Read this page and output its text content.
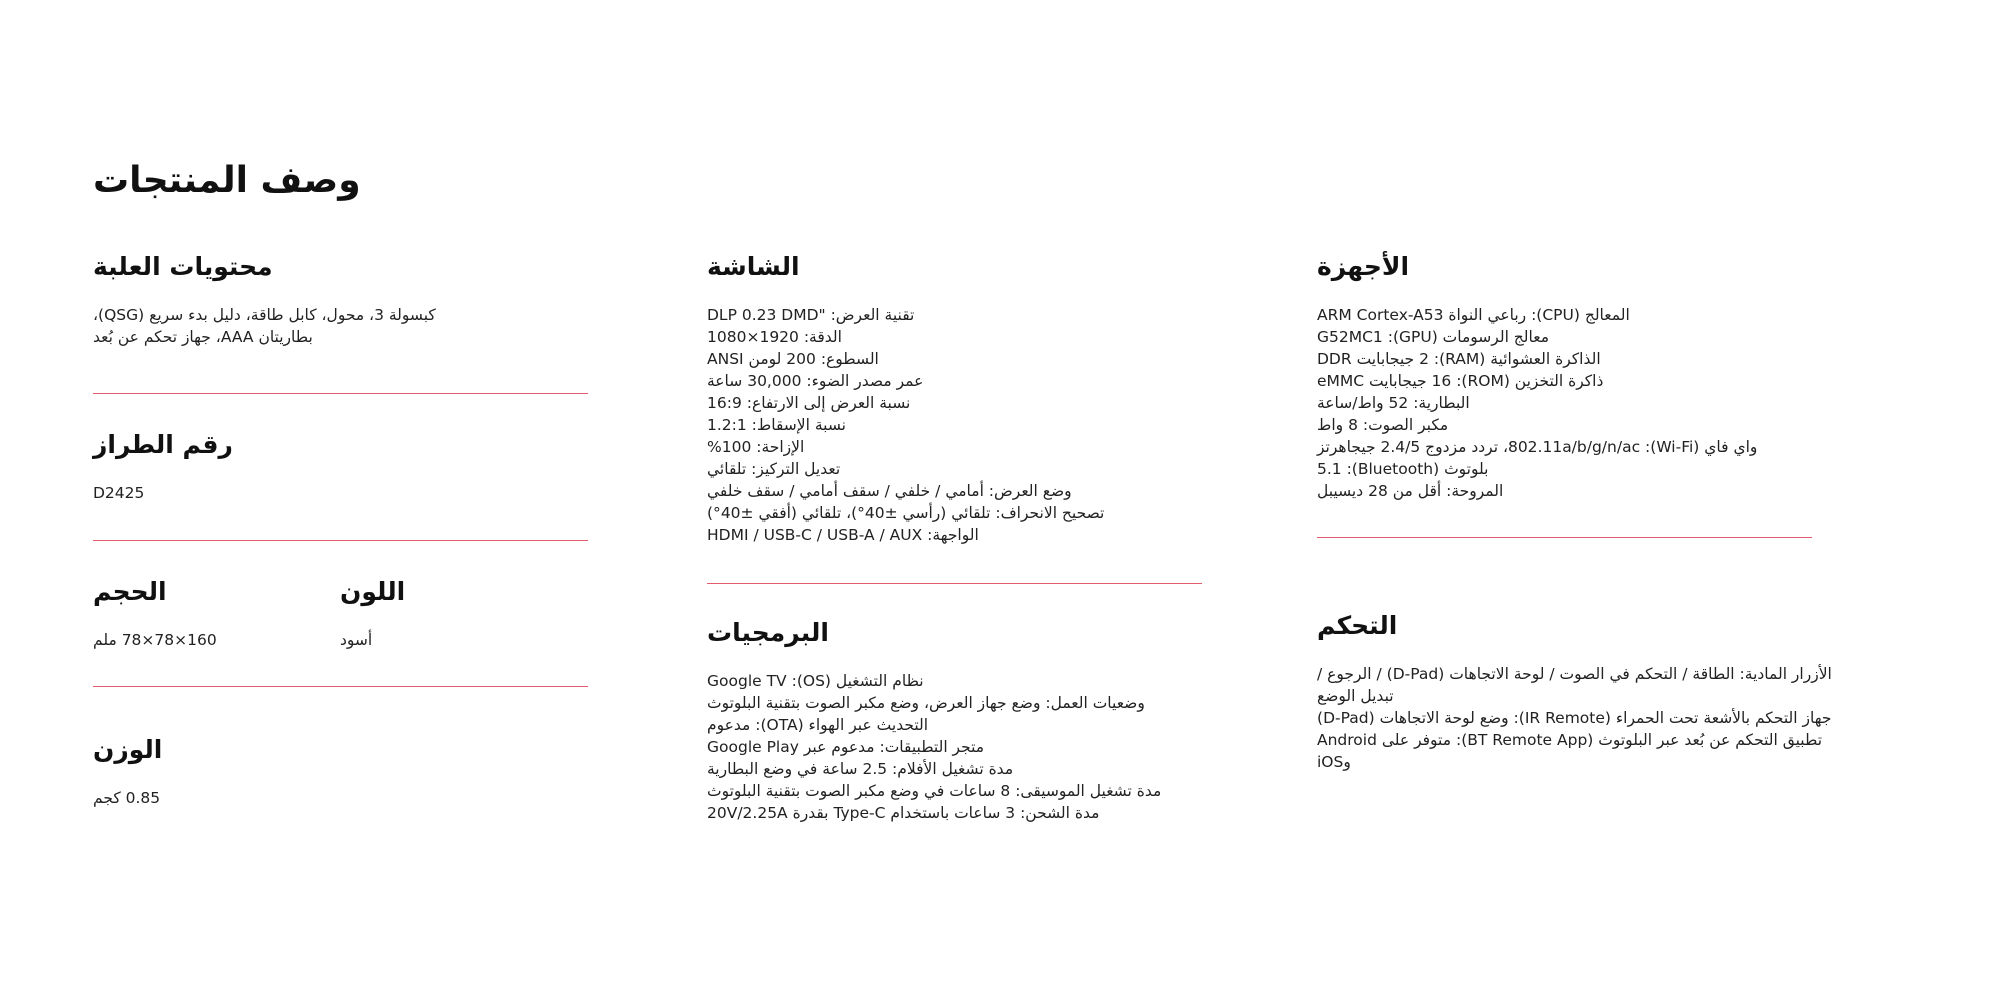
وصف المنتجات
محتويات العلبة
كبسولة 3، محول، كابل طاقة، دليل بدء سريع (QSG)،
بطاريتان AAA، جهاز تحكم عن بُعد
رقم الطراز
D2425
الحجم
160×78×78 ملم
اللون
أسود
الوزن
0.85 كجم
الشاشة
تقنية العرض: "DLP 0.23 DMD
الدقة: 1920×1080
السطوع: 200 لومن ANSI
عمر مصدر الضوء: 30,000 ساعة
نسبة العرض إلى الارتفاع: 16:9
نسبة الإسقاط: 1.2:1
الإزاحة: 100%
تعديل التركيز: تلقائي
وضع العرض: أمامي / خلفي / سقف أمامي / سقف خلفي
تصحيح الانحراف: تلقائي (رأسي ±40°)، تلقائي (أفقي ±40°)
الواجهة: HDMI / USB-C / USB-A / AUX
البرمجيات
نظام التشغيل (OS): Google TV
وضعيات العمل: وضع جهاز العرض، وضع مكبر الصوت بتقنية البلوتوث
التحديث عبر الهواء (OTA): مدعوم
متجر التطبيقات: مدعوم عبر Google Play
مدة تشغيل الأفلام: 2.5 ساعة في وضع البطارية
مدة تشغيل الموسيقى: 8 ساعات في وضع مكبر الصوت بتقنية البلوتوث
مدة الشحن: 3 ساعات باستخدام Type-C بقدرة 20V/2.25A
الأجهزة
المعالج (CPU): رباعي النواة ARM Cortex-A53
معالج الرسومات (GPU): G52MC1
الذاكرة العشوائية (RAM): 2 جيجابايت DDR
ذاكرة التخزين (ROM): 16 جيجابايت eMMC
البطارية: 52 واط/ساعة
مكبر الصوت: 8 واط
واي فاي (Wi-Fi): 802.11a/b/g/n/ac، تردد مزدوج 2.4/5 جيجاهرتز
بلوتوث (Bluetooth): 5.1
المروحة: أقل من 28 ديسيبل
التحكم
الأزرار المادية: الطاقة / التحكم في الصوت / لوحة الاتجاهات (D-Pad) / الرجوع / تبديل الوضع
جهاز التحكم بالأشعة تحت الحمراء (IR Remote): وضع لوحة الاتجاهات (D-Pad)
تطبيق التحكم عن بُعد عبر البلوتوث (BT Remote App): متوفر على Android وiOS
